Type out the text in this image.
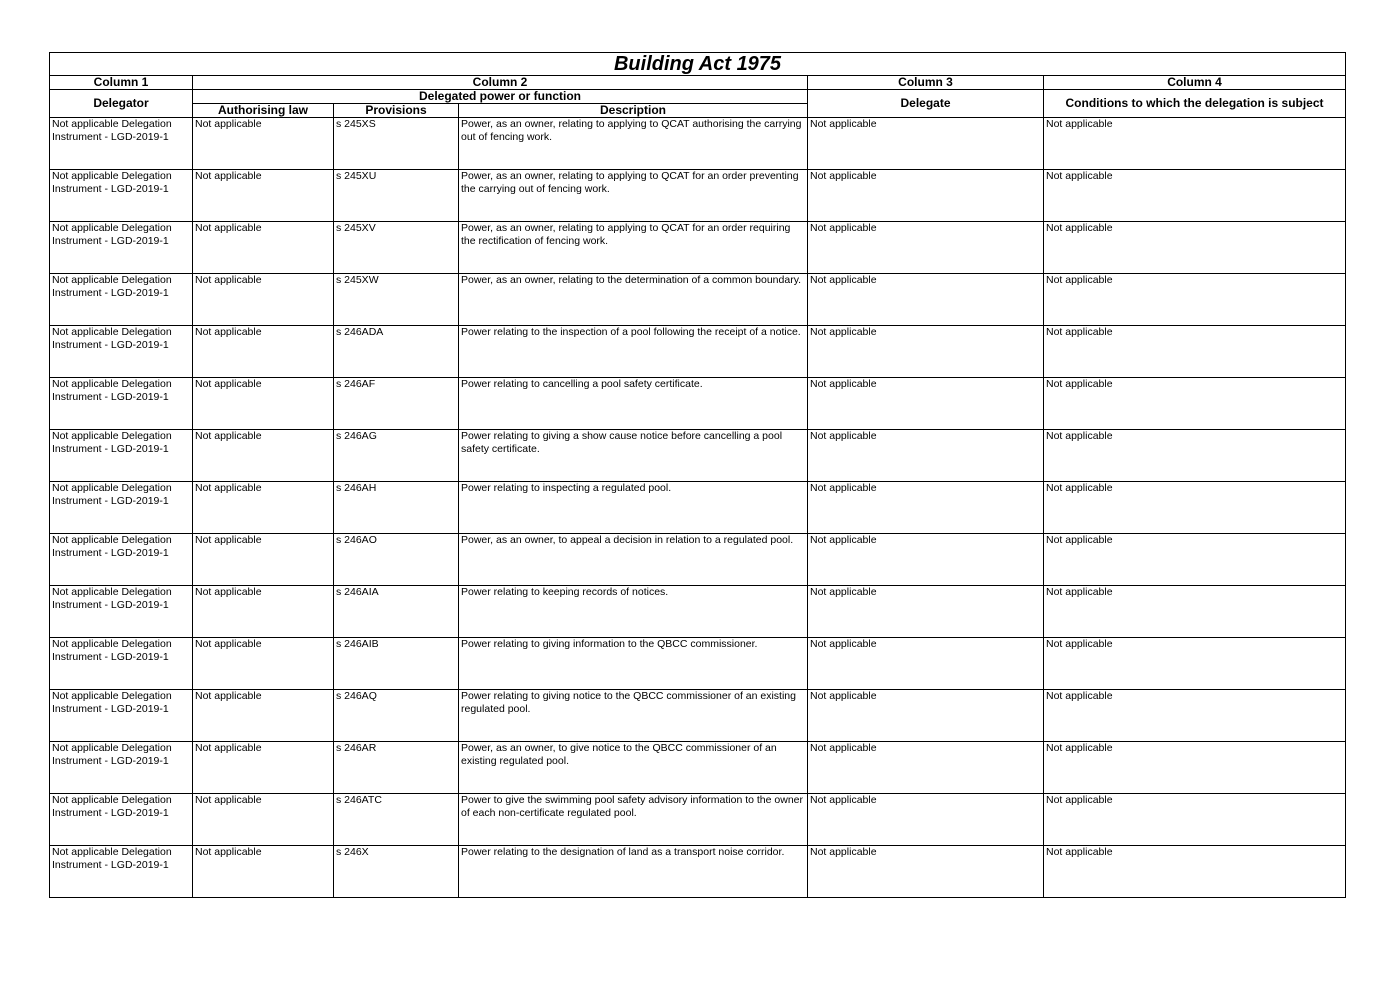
Building Act 1975					
Column 1	Column 2			Column 3	Column 4
Delegator	Delegated power or function			Delegate	Conditions to which the delegation is subject
	Authorising law	Provisions	Description		
Not applicable Delegation Instrument - LGD-2019-1	Not applicable	s 245XS	Power, as an owner, relating to applying to QCAT authorising the carrying out of fencing work.	Not applicable	Not applicable
Not applicable Delegation Instrument - LGD-2019-1	Not applicable	s 245XU	Power, as an owner, relating to applying to QCAT for an order preventing the carrying out of fencing work.	Not applicable	Not applicable
Not applicable Delegation Instrument - LGD-2019-1	Not applicable	s 245XV	Power, as an owner, relating to applying to QCAT for an order requiring the rectification of fencing work.	Not applicable	Not applicable
Not applicable Delegation Instrument - LGD-2019-1	Not applicable	s 245XW	Power, as an owner, relating to the determination of a common boundary.	Not applicable	Not applicable
Not applicable Delegation Instrument - LGD-2019-1	Not applicable	s 246ADA	Power relating to the inspection of a pool following the receipt of a notice.	Not applicable	Not applicable
Not applicable Delegation Instrument - LGD-2019-1	Not applicable	s 246AF	Power relating to cancelling a pool safety certificate.	Not applicable	Not applicable
Not applicable Delegation Instrument - LGD-2019-1	Not applicable	s 246AG	Power relating to giving a show cause notice before cancelling a pool safety certificate.	Not applicable	Not applicable
Not applicable Delegation Instrument - LGD-2019-1	Not applicable	s 246AH	Power relating to inspecting a regulated pool.	Not applicable	Not applicable
Not applicable Delegation Instrument - LGD-2019-1	Not applicable	s 246AO	Power, as an owner, to appeal a decision in relation to a regulated pool.	Not applicable	Not applicable
Not applicable Delegation Instrument - LGD-2019-1	Not applicable	s 246AIA	Power relating to keeping records of notices.	Not applicable	Not applicable
Not applicable Delegation Instrument - LGD-2019-1	Not applicable	s 246AIB	Power relating to giving information to the QBCC commissioner.	Not applicable	Not applicable
Not applicable Delegation Instrument - LGD-2019-1	Not applicable	s 246AQ	Power relating to giving notice to the QBCC commissioner of an existing regulated pool.	Not applicable	Not applicable
Not applicable Delegation Instrument - LGD-2019-1	Not applicable	s 246AR	Power, as an owner, to give notice to the QBCC commissioner of an existing regulated pool.	Not applicable	Not applicable
Not applicable Delegation Instrument - LGD-2019-1	Not applicable	s 246ATC	Power to give the swimming pool safety advisory information to the owner of each non-certificate regulated pool.	Not applicable	Not applicable
Not applicable Delegation Instrument - LGD-2019-1	Not applicable	s 246X	Power relating to the designation of land as a transport noise corridor.	Not applicable	Not applicable
